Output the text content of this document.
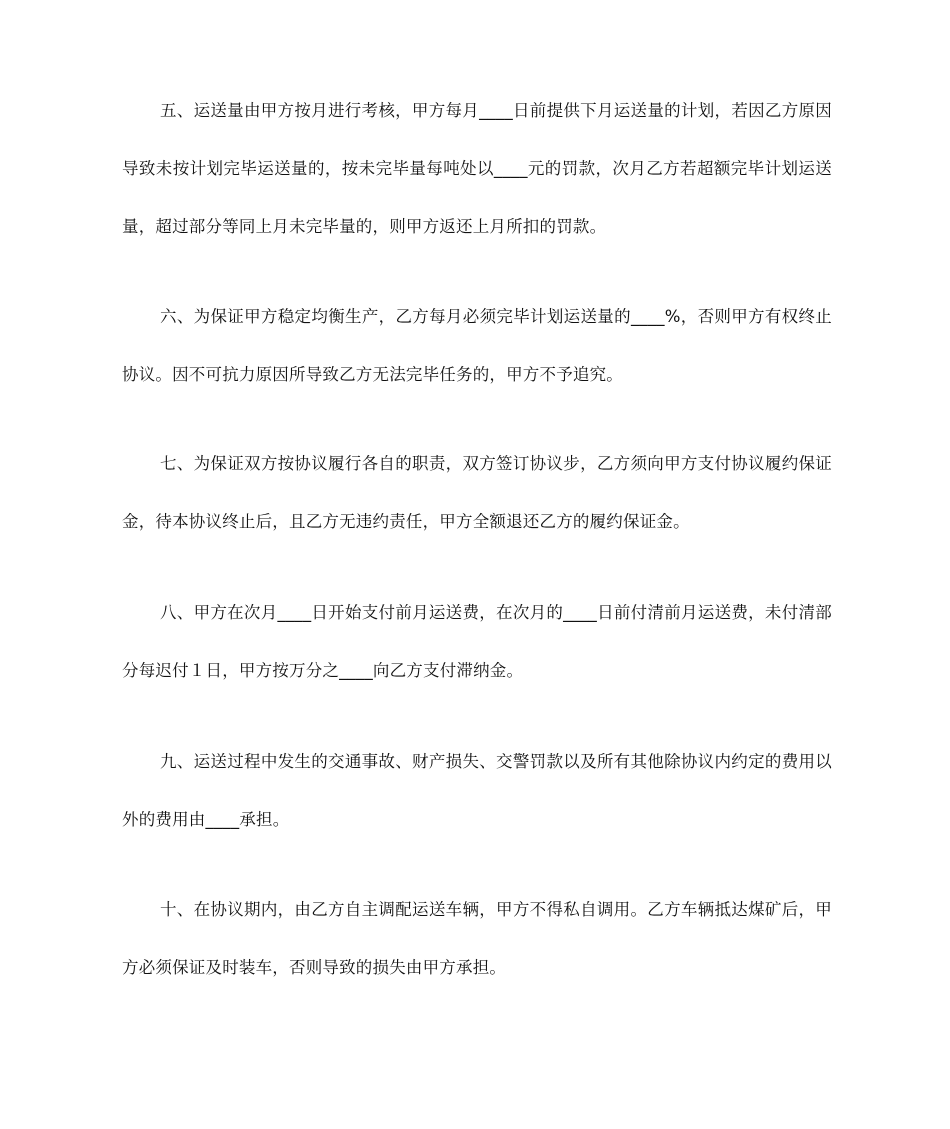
五、运送量由甲方按月进行考核，甲方每月____日前提供下月运送量的计划，若因乙方原因导致未按计划完毕运送量的，按未完毕量每吨处以____元的罚款，次月乙方若超额完毕计划运送量，超过部分等同上月未完毕量的，则甲方返还上月所扣的罚款。

六、为保证甲方稳定均衡生产，乙方每月必须完毕计划运送量的____%，否则甲方有权终止协议。因不可抗力原因所导致乙方无法完毕任务的，甲方不予追究。

七、为保证双方按协议履行各自的职责，双方签订协议步，乙方须向甲方支付协议履约保证金，待本协议终止后，且乙方无违约责任，甲方全额退还乙方的履约保证金。

八、甲方在次月____日开始支付前月运送费，在次月的____日前付清前月运送费，未付清部分每迟付１日，甲方按万分之____向乙方支付滞纳金。

九、运送过程中发生的交通事故、财产损失、交警罚款以及所有其他除协议内约定的费用以外的费用由____承担。

十、在协议期内，由乙方自主调配运送车辆，甲方不得私自调用。乙方车辆抵达煤矿后，甲方必须保证及时装车，否则导致的损失由甲方承担。
